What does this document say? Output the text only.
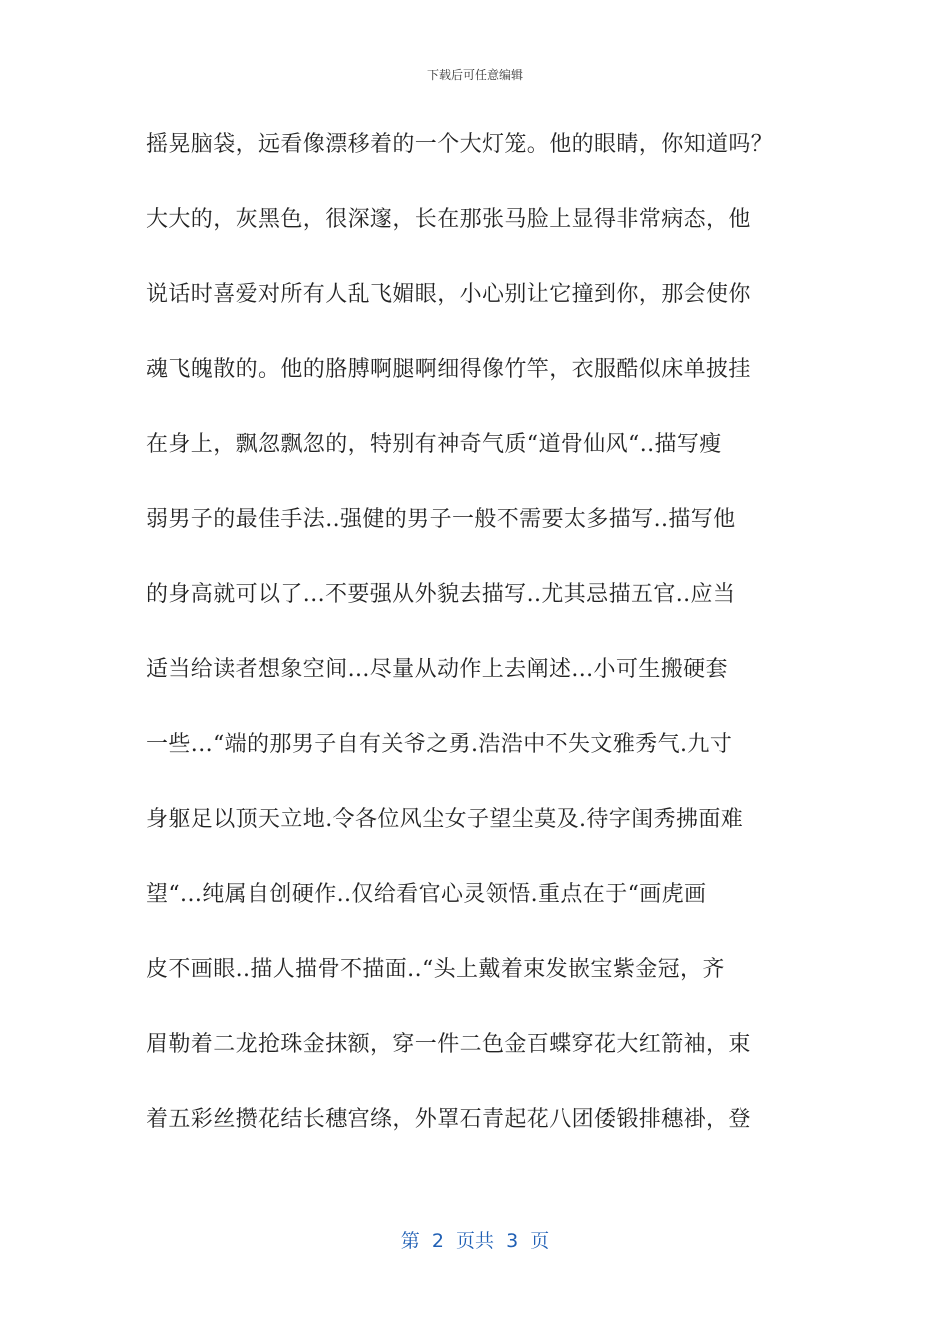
下载后可任意编辑
摇晃脑袋，远看像漂移着的一个大灯笼。他的眼睛，你知道吗？
大大的，灰黑色，很深邃，长在那张马脸上显得非常病态，他
说话时喜爱对所有人乱飞媚眼，小心别让它撞到你，那会使你
魂飞魄散的。他的胳膊啊腿啊细得像竹竿，衣服酷似床单披挂
在身上，飘忽飘忽的，特别有神奇气质“道骨仙风“..描写瘦
弱男子的最佳手法..强健的男子一般不需要太多描写..描写他
的身高就可以了...不要强从外貌去描写..尤其忌描五官..应当
适当给读者想象空间...尽量从动作上去阐述...小可生搬硬套
一些...“端的那男子自有关爷之勇.浩浩中不失文雅秀气.九寸
身躯足以顶天立地.令各位风尘女子望尘莫及.待字闺秀拂面难
望“...纯属自创硬作..仅给看官心灵领悟.重点在于“画虎画
皮不画眼..描人描骨不描面..“头上戴着束发嵌宝紫金冠，齐
眉勒着二龙抢珠金抹额，穿一件二色金百蝶穿花大红箭袖，束
着五彩丝攒花结长穗宫绦，外罩石青起花八团倭锻排穗褂，登
第  2  页共  3  页
